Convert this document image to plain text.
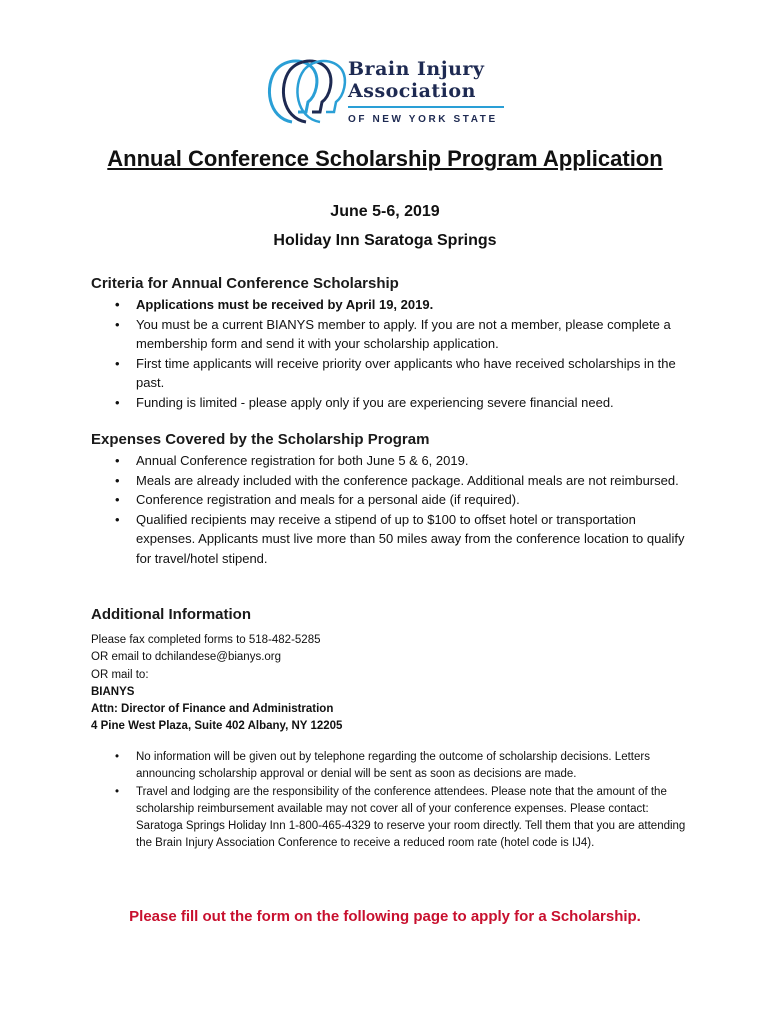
Brain Injury
Association
OF NEW YORK STATE
Annual Conference Scholarship Program Application
June 5-6, 2019
Holiday Inn Saratoga Springs
Criteria for Annual Conference Scholarship
• Applications must be received by April 19, 2019.
• You must be a current BIANYS member to apply. If you are not a member, please complete a membership form and send it with your scholarship application.
• First time applicants will receive priority over applicants who have received scholarships in the past.
• Funding is limited - please apply only if you are experiencing severe financial need.
Expenses Covered by the Scholarship Program
• Annual Conference registration for both June 5 & 6, 2019.
• Meals are already included with the conference package. Additional meals are not reimbursed.
• Conference registration and meals for a personal aide (if required).
• Qualified recipients may receive a stipend of up to $100 to offset hotel or transportation expenses. Applicants must live more than 50 miles away from the conference location to qualify for travel/hotel stipend.
Additional Information
Please fax completed forms to 518-482-5285
OR email to dchilandese@bianys.org
OR mail to:
BIANYS
Attn: Director of Finance and Administration
4 Pine West Plaza, Suite 402 Albany, NY 12205
• No information will be given out by telephone regarding the outcome of scholarship decisions. Letters announcing scholarship approval or denial will be sent as soon as decisions are made.
• Travel and lodging are the responsibility of the conference attendees. Please note that the amount of the scholarship reimbursement available may not cover all of your conference expenses. Please contact: Saratoga Springs Holiday Inn 1-800-465-4329 to reserve your room directly. Tell them that you are attending the Brain Injury Association Conference to receive a reduced room rate (hotel code is IJ4).
Please fill out the form on the following page to apply for a Scholarship.
